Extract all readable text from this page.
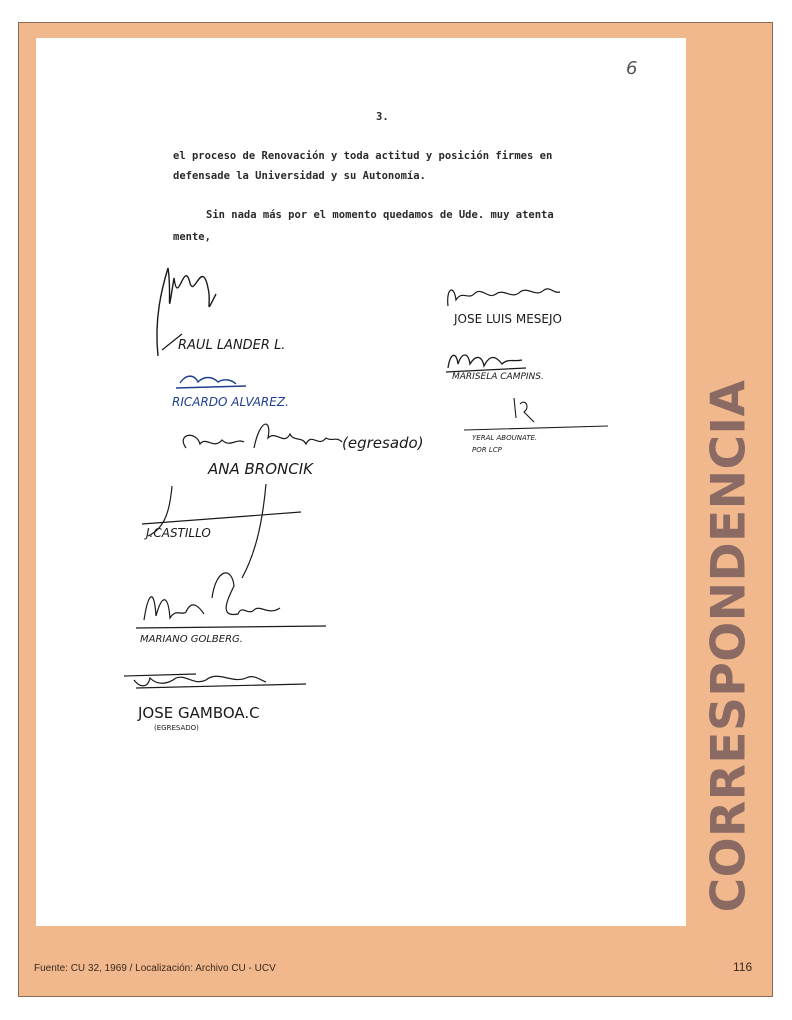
6
3.
el proceso de Renovación y toda actitud y posición firmes en
defensade la Universidad y su Autonomía.
Sin nada más por el momento quedamos de Ude. muy atenta
mente,
RAUL LANDER L.
RICARDO ALVAREZ.
ANA BRONCIK
(egresado)
J.CASTILLO
MARIANO GOLBERG.
JOSE GAMBOA.C
(EGRESADO)
JOSE LUIS MESEJO
MARISELA CAMPINS.
YERAL ABOUNATE.
POR LCP	CORRESPONDENCIA
Fuente: CU 32, 1969 / Localización: Archivo CU - UCV	116
